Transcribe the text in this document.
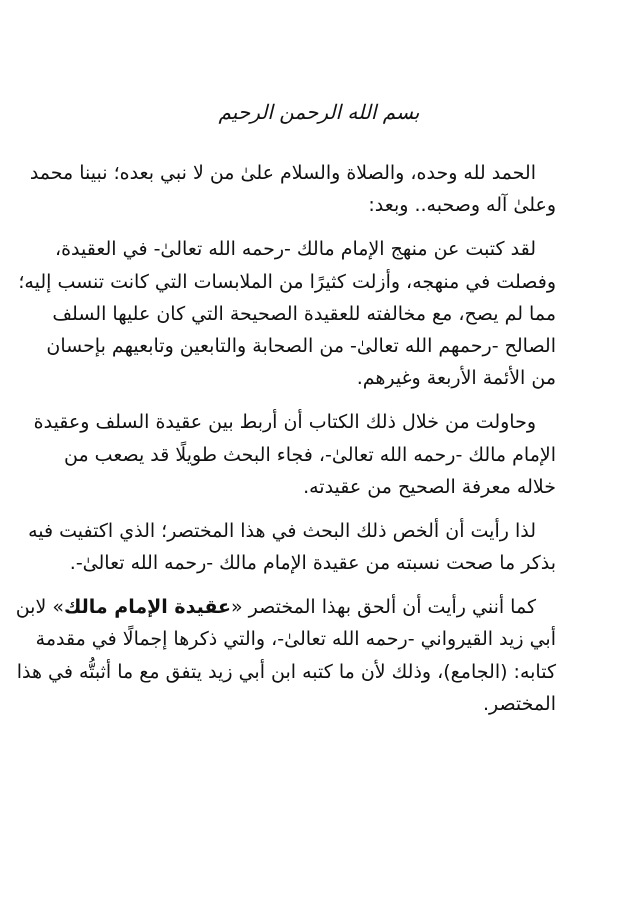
بسم الله الرحمن الرحيم
الحمد لله وحده، والصلاة والسلام علىٰ من لا نبي بعده؛ نبينا محمد
وعلىٰ آله وصحبه.. وبعد:
لقد كتبت عن منهج الإمام مالك -رحمه الله تعالىٰ- في العقيدة،
وفصلت في منهجه، وأزلت كثيرًا من الملابسات التي كانت تنسب إليه؛
مما لم يصح، مع مخالفته للعقيدة الصحيحة التي كان عليها السلف
الصالح -رحمهم الله تعالىٰ- من الصحابة والتابعين وتابعيهم بإحسان
من الأئمة الأربعة وغيرهم.
وحاولت من خلال ذلك الكتاب أن أربط بين عقيدة السلف وعقيدة
الإمام مالك -رحمه الله تعالىٰ-، فجاء البحث طويلًا قد يصعب من
خلاله معرفة الصحيح من عقيدته.
لذا رأيت أن ألخص ذلك البحث في هذا المختصر؛ الذي اكتفيت فيه
بذكر ما صحت نسبته من عقيدة الإمام مالك -رحمه الله تعالىٰ-.
كما أنني رأيت أن ألحق بهذا المختصر «عقيدة الإمام مالك» لابن
أبي زيد القيرواني -رحمه الله تعالىٰ-، والتي ذكرها إجمالًا في مقدمة
كتابه: (الجامع)، وذلك لأن ما كتبه ابن أبي زيد يتفق مع ما أثبتُّه في هذا
المختصر.
